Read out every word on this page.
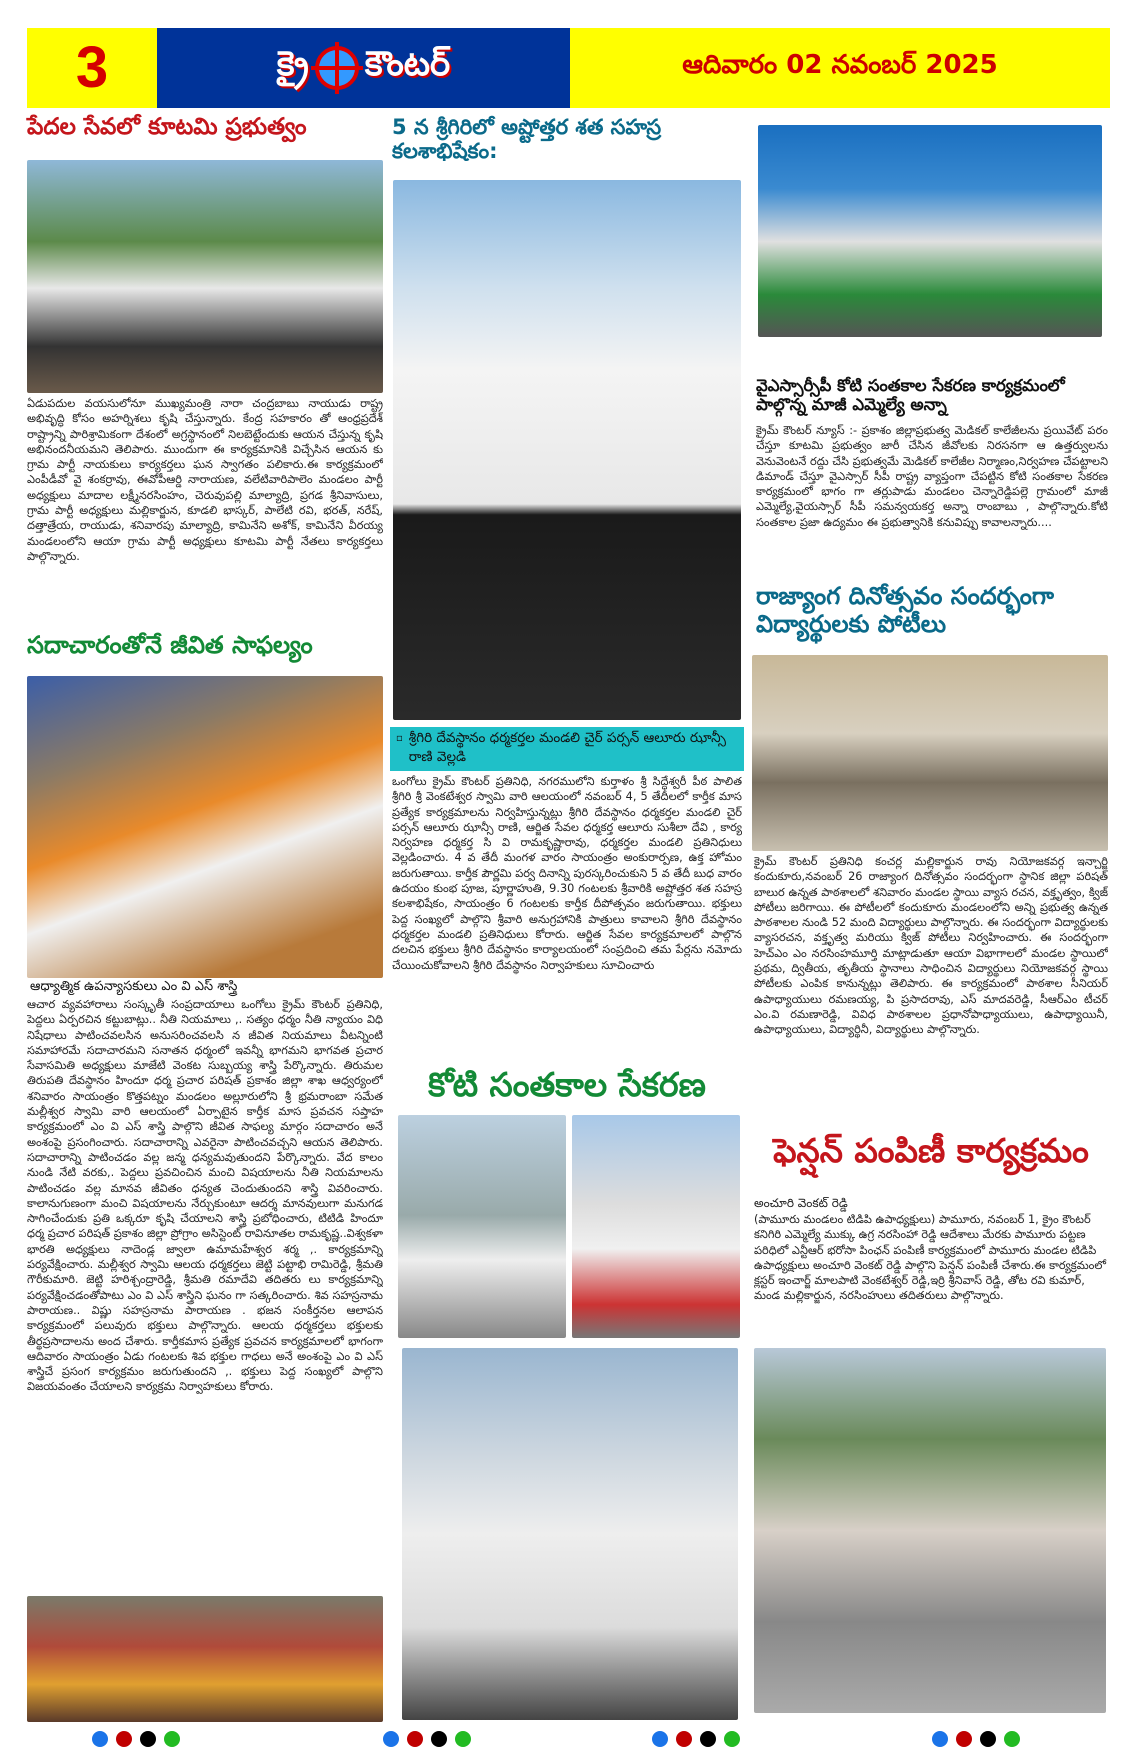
3	క్రై కౌంటర్	ఆదివారం 02 నవంబర్ 2025
పేదల సేవలో కూటమి ప్రభుత్వం
ఏడుపదుల వయసులోనూ ముఖ్యమంత్రి నారా చంద్రబాబు నాయుడు రాష్ట్ర అభివృద్ధి కోసం అహర్నిశలు కృషి చేస్తున్నారు. కేంద్ర సహకారం తో ఆంధ్రప్రదేశ్ రాష్ట్రాన్ని పారిశ్రామికంగా దేశంలో అగ్రస్థానంలో నిలబెట్టేందుకు ఆయన చేస్తున్న కృషి అభినందనీయమని తెలిపారు. ముందుగా ఈ కార్యక్రమానికి విచ్చేసిన ఆయన కు గ్రామ పార్టీ నాయకులు కార్యకర్తలు ఘన స్వాగతం పలికారు.ఈ కార్యక్రమంలో ఎంపీడీవో వై శంకర్రావు, ఈవోపీఆర్డి నారాయణ, వలేటివారిపాలెం మండలం పార్టీ అధ్యక్షులు మాదాల లక్ష్మీనరసింహం, చెరువుపల్లి మాల్యాద్రి, ప్రగడ శ్రీనివాసులు, గ్రామ పార్టీ అధ్యక్షులు మల్లికార్జున, కూడలి భాస్కర్, పాలేటి రవి, భరత్, నరేష్, దత్తాత్రేయ, రాయుడు, శనివారపు మాల్యాద్రి, కామినేని అశోక్, కామినేని వీరయ్య మండలంలోని ఆయా గ్రామ పార్టీ అధ్యక్షులు కూటమి పార్టీ నేతలు కార్యకర్తలు పాల్గొన్నారు.
సదాచారంతోనే జీవిత సాఫల్యం
ఆధ్యాత్మిక ఉపన్యాసకులు ఎం వి ఎస్ శాస్త్రి
ఆచార వ్యవహారాలు సంస్కృతీ సంప్రదాయాలు ఒంగోలు క్రైమ్ కౌంటర్ ప్రతినిధి, పెద్దలు ఏర్పరచిన కట్టుబాట్లు.. నీతి నియమాలు ,. సత్యం ధర్మం నీతి న్యాయం విధి నిషేధాలు పాటించవలసిన అనుసరించవలసి న జీవిత నియమాలు వీటన్నింటి సమాహారమే సదాచారమని సనాతన ధర్మంలో ఇవన్నీ భాగమని భాగవత ప్రచార సేవాసమితి అధ్యక్షులు మాజేటి వెంకట సుబ్బయ్య శాస్త్రి పేర్కొన్నారు. తిరుమల తిరుపతి దేవస్థానం హిందూ ధర్మ ప్రచార పరిషత్ ప్రకాశం జిల్లా శాఖ ఆధ్వర్యంలో శనివారం సాయంత్రం కొత్తపట్నం మండలం అల్లూరులోని శ్రీ భ్రమరాంబా సమేత మల్లీశ్వర స్వామి వారి ఆలయంలో ఏర్పాటైన కార్తీక మాస ప్రవచన సప్తాహ కార్యక్రమంలో ఎం వి ఎస్ శాస్త్రి పాల్గొని జీవిత సాఫల్య మార్గం సదాచారం అనే అంశంపై ప్రసంగించారు. సదాచారాన్ని ఎవరైనా పాటించవచ్చని ఆయన తెలిపారు. సదాచారాన్ని పాటించడం వల్ల జన్మ ధన్యమవుతుందని పేర్కొన్నారు. వేద కాలం నుండి నేటి వరకు,. పెద్దలు ప్రవచించిన మంచి విషయాలను నీతి నియమాలను పాటించడం వల్ల మానవ జీవితం ధన్యత చెందుతుందని శాస్త్రి వివరించారు. కాలానుగుణంగా మంచి విషయాలను నేర్చుకుంటూ ఆదర్శ మానవులుగా మనుగడ సాగించేందుకు ప్రతి ఒక్కరూ కృషి చేయాలని శాస్త్రి ప్రబోధించారు, టిటిడి హిందూ ధర్మ ప్రచార పరిషత్ ప్రకాశం జిల్లా ప్రోగ్రాం అసిస్టెంట్ రావినూతల రామకృష్ణ..విశ్వకళా భారతి అధ్యక్షులు నాదెండ్ల జ్వాలా ఉమామహేశ్వర శర్మ ,. కార్యక్రమాన్ని పర్యవేక్షించారు. మల్లీశ్వర స్వామి ఆలయ ధర్మకర్తలు జెట్టి పట్టాభి రామిరెడ్డి, శ్రీమతి గౌరీకుమారి. జెట్టి హరిశ్చంద్రారెడ్డి, శ్రీమతి రమాదేవి తదితరు లు కార్యక్రమాన్ని పర్యవేక్షించడంతోపాటు ఎం వి ఎస్ శాస్త్రిని ఘనం గా సత్కరించారు. శివ సహస్రనామ పారాయణ.. విష్ణు సహస్రనామ పారాయణ . భజన సంకీర్తనల ఆలాపన కార్యక్రమంలో పలువురు భక్తులు పాల్గొన్నారు. ఆలయ ధర్మకర్తలు భక్తులకు తీర్థప్రసాదాలను అంద చేశారు. కార్తీకమాస ప్రత్యేక ప్రవచన కార్యక్రమాలలో భాగంగా ఆదివారం సాయంత్రం ఏడు గంటలకు శివ భక్తుల గాధలు అనే అంశంపై ఎం వి ఎస్ శాస్త్రిచే ప్రసంగ కార్యక్రమం జరుగుతుందని ,. భక్తులు పెద్ద సంఖ్యలో పాల్గొని విజయవంతం చేయాలని కార్యక్రమ నిర్వాహకులు కోరారు.
5 న శ్రీగిరిలో అష్టోత్తర శత సహస్ర కలశాభిషేకం:
▫ శ్రీగిరి దేవస్థానం ధర్మకర్తల మండలి చైర్ పర్సన్ ఆలూరు ఝాన్సీ రాణి వెల్లడి
ఒంగోలు క్రైమ్ కౌంటర్ ప్రతినిధి, నగరములోని కుర్తాళం శ్రీ సిద్ధేశ్వరీ పీఠ పాలిత శ్రీగిరి శ్రీ వెంకటేశ్వర స్వామి వారి ఆలయంలో నవంబర్ 4, 5 తేదీలలో కార్తీక మాస ప్రత్యేక కార్యక్రమాలను నిర్వహిస్తున్నట్లు శ్రీగిరి దేవస్థానం ధర్మకర్తల మండలి చైర్ పర్సన్ ఆలూరు ఝాన్సీ రాణి, ఆర్జిత సేవల ధర్మకర్త ఆలూరు సుశీలా దేవి , కార్య నిర్వహణ ధర్మకర్త సి వి రామకృష్ణారావు, ధర్మకర్తల మండలి ప్రతినిధులు వెల్లడించారు. 4 వ తేదీ మంగళ వారం సాయంత్రం అంకురార్పణ, ఉక్త హోమం జరుగుతాయి. కార్తీక పౌర్ణమి పర్వ దినాన్ని పురస్కరించుకుని 5 వ తేదీ బుధ వారం ఉదయం కుంభ పూజ, పూర్ణాహుతి, 9.30 గంటలకు శ్రీవారికి అష్టోత్తర శత సహస్ర కలశాభిషేకం, సాయంత్రం 6 గంటలకు కార్తీక దీపోత్సవం జరుగుతాయి. భక్తులు పెద్ద సంఖ్యలో పాల్గొని శ్రీవారి అనుగ్రహానికి పాత్రులు కావాలని శ్రీగిరి దేవస్థానం ధర్మకర్తల మండలి ప్రతినిధులు కోరారు. ఆర్జిత సేవల కార్యక్రమాలలో పాల్గొన దలచిన భక్తులు శ్రీగిరి దేవస్థానం కార్యాలయంలో సంప్రదించి తమ పేర్లను నమోదు చేయించుకోవాలని శ్రీగిరి దేవస్థానం నిర్వాహకులు సూచించారు
కోటి సంతకాల సేకరణ
వైఎస్సార్సీపీ కోటి సంతకాల సేకరణ కార్యక్రమంలో పాల్గొన్న మాజీ ఎమ్మెల్యే అన్నా
క్రైమ్ కౌంటర్ న్యూస్ :- ప్రకాశం జిల్లాప్రభుత్వ మెడికల్ కాలేజీలను ప్రయివేట్ పరం చేస్తూ కూటమి ప్రభుత్వం జారీ చేసిన జీవోలకు నిరసనగా ఆ ఉత్తర్వులను వెనువెంటనే రద్దు చేసి ప్రభుత్వమే మెడికల్ కాలేజీల నిర్మాణం,నిర్వహణ చేపట్టాలని డిమాండ్ చేస్తూ వైఎస్సార్ సీపీ రాష్ట్ర వ్యాప్తంగా చేపట్టిన కోటి సంతకాల సేకరణ కార్యక్రమంలో భాగం గా తర్లుపాడు మండలం చెన్నారెడ్డిపల్లె గ్రామంలో మాజీ ఎమ్మెల్యే,వైయస్సార్ సీపీ సమన్వయకర్త అన్నా రాంబాబు , పాల్గొన్నారు.కోటి సంతకాల ప్రజా ఉద్యమం ఈ ప్రభుత్వానికి కనువిప్పు కావాలన్నారు....
రాజ్యాంగ దినోత్సవం సందర్భంగా విద్యార్థులకు పోటీలు
క్రైమ్ కౌంటర్ ప్రతినిధి కంచర్ల మల్లికార్జున రావు నియోజకవర్గ ఇన్చార్జి కందుకూరు,నవంబర్ 26 రాజ్యాంగ దినోత్సవం సందర్భంగా స్థానిక జిల్లా పరిషత్ బాలుర ఉన్నత పాఠశాలలో శనివారం మండల స్థాయి వ్యాస రచన, వక్తృత్వం, క్విజ్ పోటీలు జరిగాయి. ఈ పోటీలలో కందుకూరు మండలంలోని అన్ని ప్రభుత్వ ఉన్నత పాఠశాలల నుండి 52 మంది విద్యార్థులు పాల్గొన్నారు. ఈ సందర్భంగా విద్యార్థులకు వ్యాసరచన, వక్తృత్వ మరియు క్విజ్ పోటీలు నిర్వహించారు. ఈ సందర్భంగా హెచ్ఎం ఎం నరసింహమూర్తి మాట్లాడుతూ ఆయా విభాగాలలో మండల స్థాయిలో ప్రథమ, ద్వితీయ, తృతీయ స్థానాలు సాధించిన విద్యార్థులు నియోజకవర్గ స్థాయి పోటీలకు ఎంపిక కానున్నట్లు తెలిపారు. ఈ కార్యక్రమంలో పాఠశాల సీనియర్ ఉపాధ్యాయులు రమణయ్య, పి ప్రసాదరావు, ఎస్ మాదవరెడ్డి, సీఆర్ఎం టీచర్ ఎం.వి రమణారెడ్డి, వివిధ పాఠశాలల ప్రధానోపాధ్యాయులు, ఉపాధ్యాయినీ, ఉపాధ్యాయులు, విద్యార్థినీ, విద్యార్థులు పాల్గొన్నారు.
ఫెన్షన్ పంపిణీ కార్యక్రమం
అంచూరి వెంకట్ రెడ్డి
(పామూరు మండలం టిడిపి ఉపాధ్యక్షులు) పామూరు, నవంబర్ 1, క్రైం కౌంటర్ కనిగిరి ఎమ్మెల్యే ముక్కు ఉగ్ర నరసింహా రెడ్డి ఆదేశాలు మేరకు పామూరు పట్టణ పరిధిలో ఎన్టీఆర్ భరోసా పింఛన్ పంపిణీ కార్యక్రమంలో పామూరు మండల టిడిపి ఉపాధ్యక్షులు అంచూరి వెంకట్ రెడ్డి పాల్గొని పెన్షన్ పంపిణీ చేశారు.ఈ కార్యక్రమంలో క్లస్టర్ ఇంచార్జ్ మాలపాటి వెంకటేశ్వర్ రెడ్డి,ఇర్రి శ్రీనివాస్ రెడ్డి, తోట రవి కుమార్, మండ మల్లికార్జున, నరసింహులు తదితరులు పాల్గొన్నారు.
